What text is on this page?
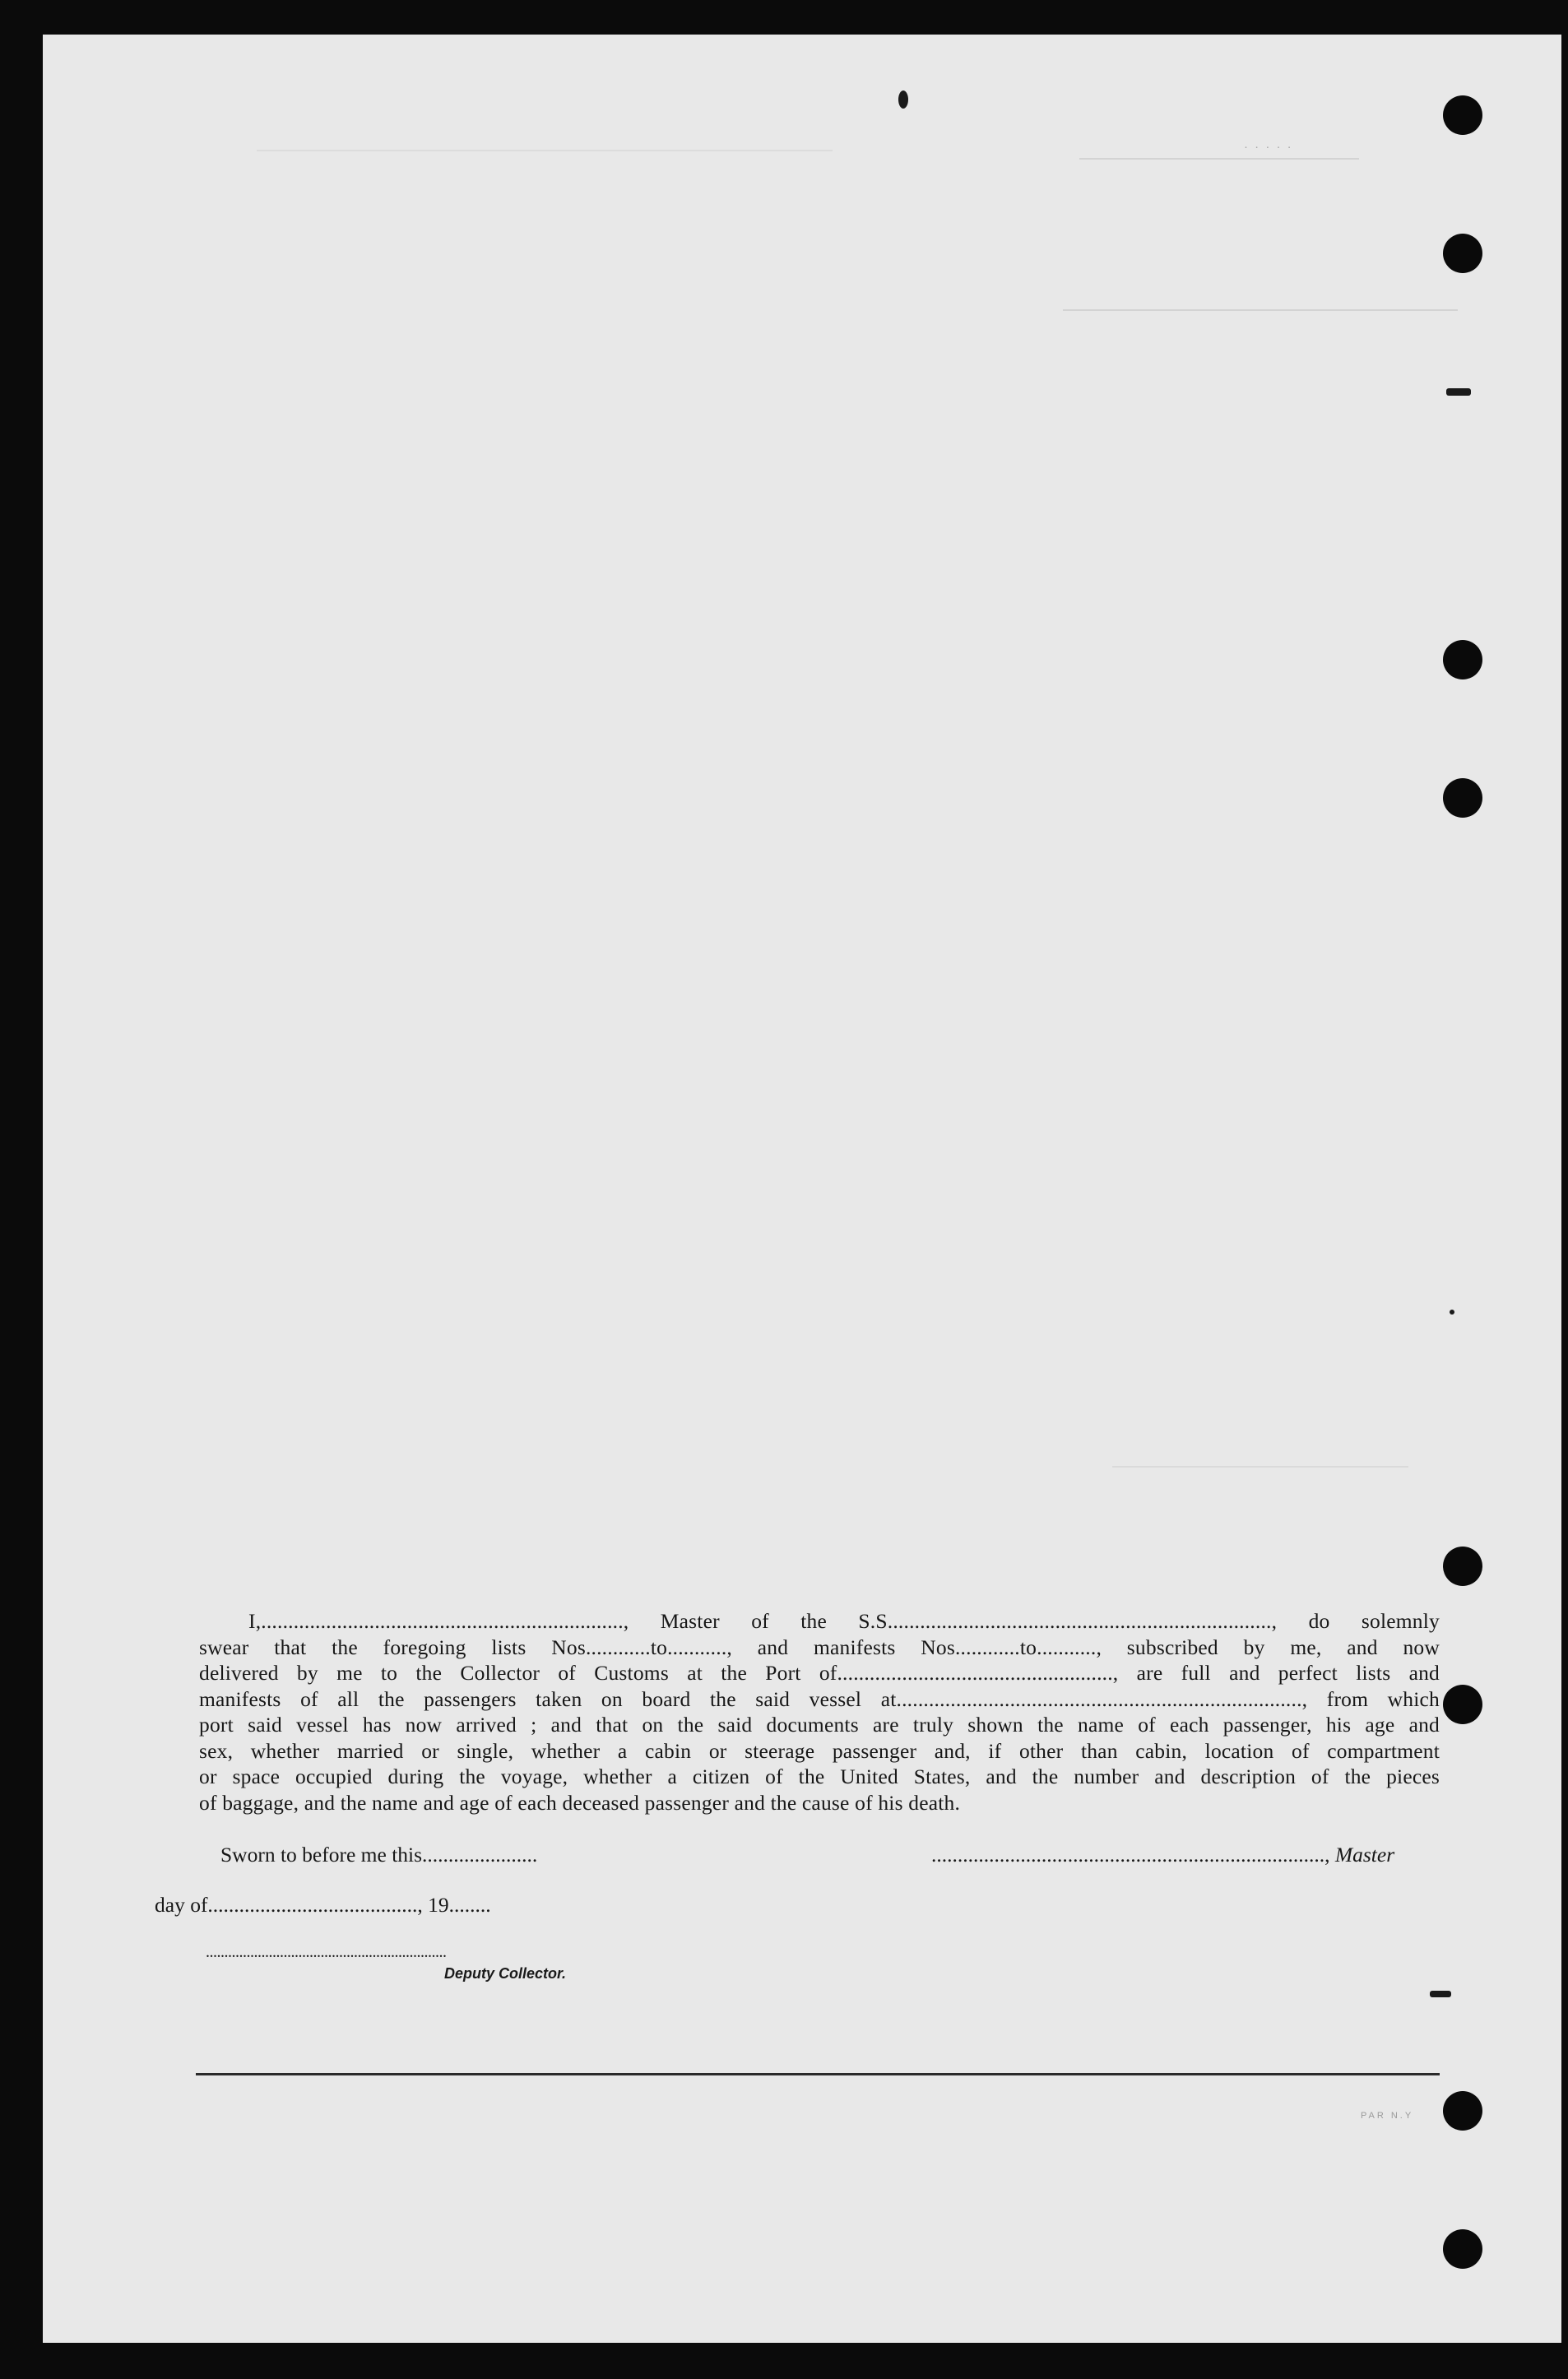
· · · · ·
I,..................................................................., Master of the S.S......................................................................., do solemnly
swear that the foregoing lists Nos............to..........., and manifests Nos............to..........., subscribed by me, and now
delivered by me to the Collector of Customs at the Port of..................................................., are full and perfect lists and
manifests of all the passengers taken on board the said vessel at..........................................................................., from which
port said vessel has now arrived ; and that on the said documents are truly shown the name of each passenger, his age and
sex, whether married or single, whether a cabin or steerage passenger and, if other than cabin, location of compartment
or space occupied during the voyage, whether a citizen of the United States, and the number and description of the pieces
of baggage, and the name and age of each deceased passenger and the cause of his death.
Sworn to before me this......................	..........................................................................., Master
day of........................................, 19........
.................................................................
Deputy Collector.
PAR N.Y
